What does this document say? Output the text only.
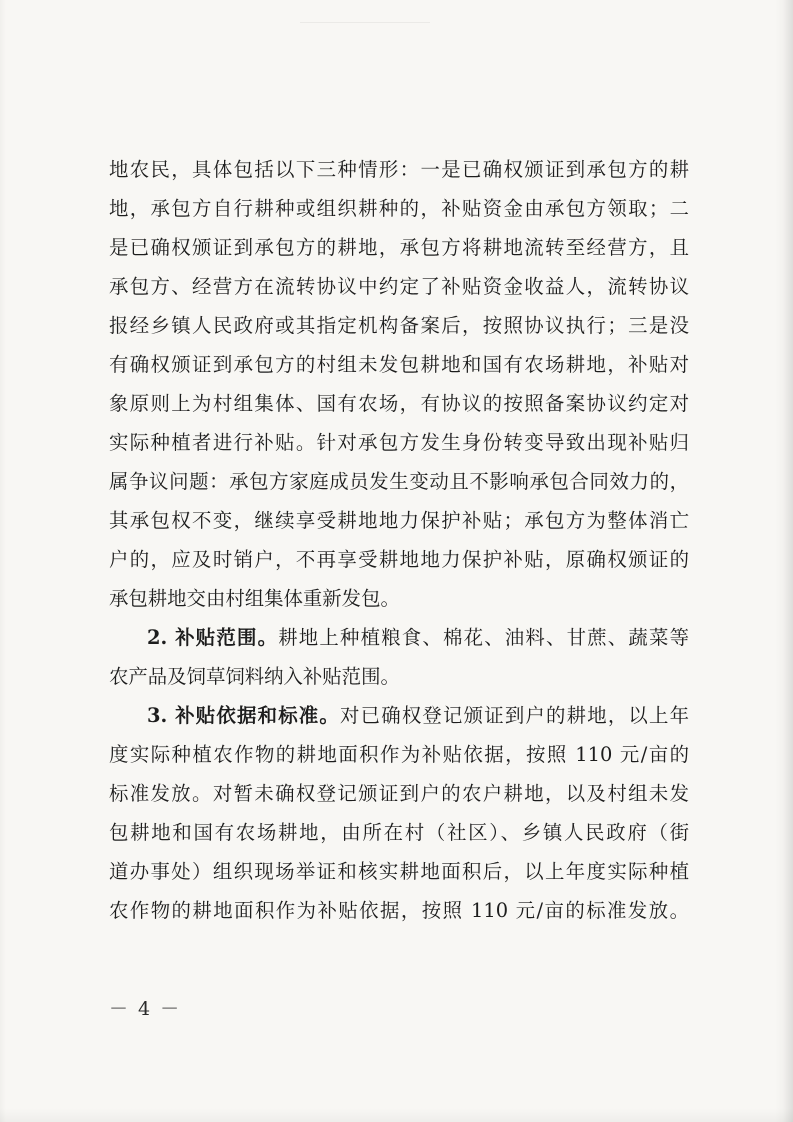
地农民，具体包括以下三种情形：一是已确权颁证到承包方的耕
地，承包方自行耕种或组织耕种的，补贴资金由承包方领取；二
是已确权颁证到承包方的耕地，承包方将耕地流转至经营方，且
承包方、经营方在流转协议中约定了补贴资金收益人，流转协议
报经乡镇人民政府或其指定机构备案后，按照协议执行；三是没
有确权颁证到承包方的村组未发包耕地和国有农场耕地，补贴对
象原则上为村组集体、国有农场，有协议的按照备案协议约定对
实际种植者进行补贴。针对承包方发生身份转变导致出现补贴归
属争议问题：承包方家庭成员发生变动且不影响承包合同效力的，
其承包权不变，继续享受耕地地力保护补贴；承包方为整体消亡
户的，应及时销户，不再享受耕地地力保护补贴，原确权颁证的
承包耕地交由村组集体重新发包。
2. 补贴范围。耕地上种植粮食、棉花、油料、甘蔗、蔬菜等
农产品及饲草饲料纳入补贴范围。
3. 补贴依据和标准。对已确权登记颁证到户的耕地，以上年
度实际种植农作物的耕地面积作为补贴依据，按照 110 元/亩的
标准发放。对暂未确权登记颁证到户的农户耕地，以及村组未发
包耕地和国有农场耕地，由所在村（社区）、乡镇人民政府（街
道办事处）组织现场举证和核实耕地面积后，以上年度实际种植
农作物的耕地面积作为补贴依据，按照 110 元/亩的标准发放。
－ 4 －
